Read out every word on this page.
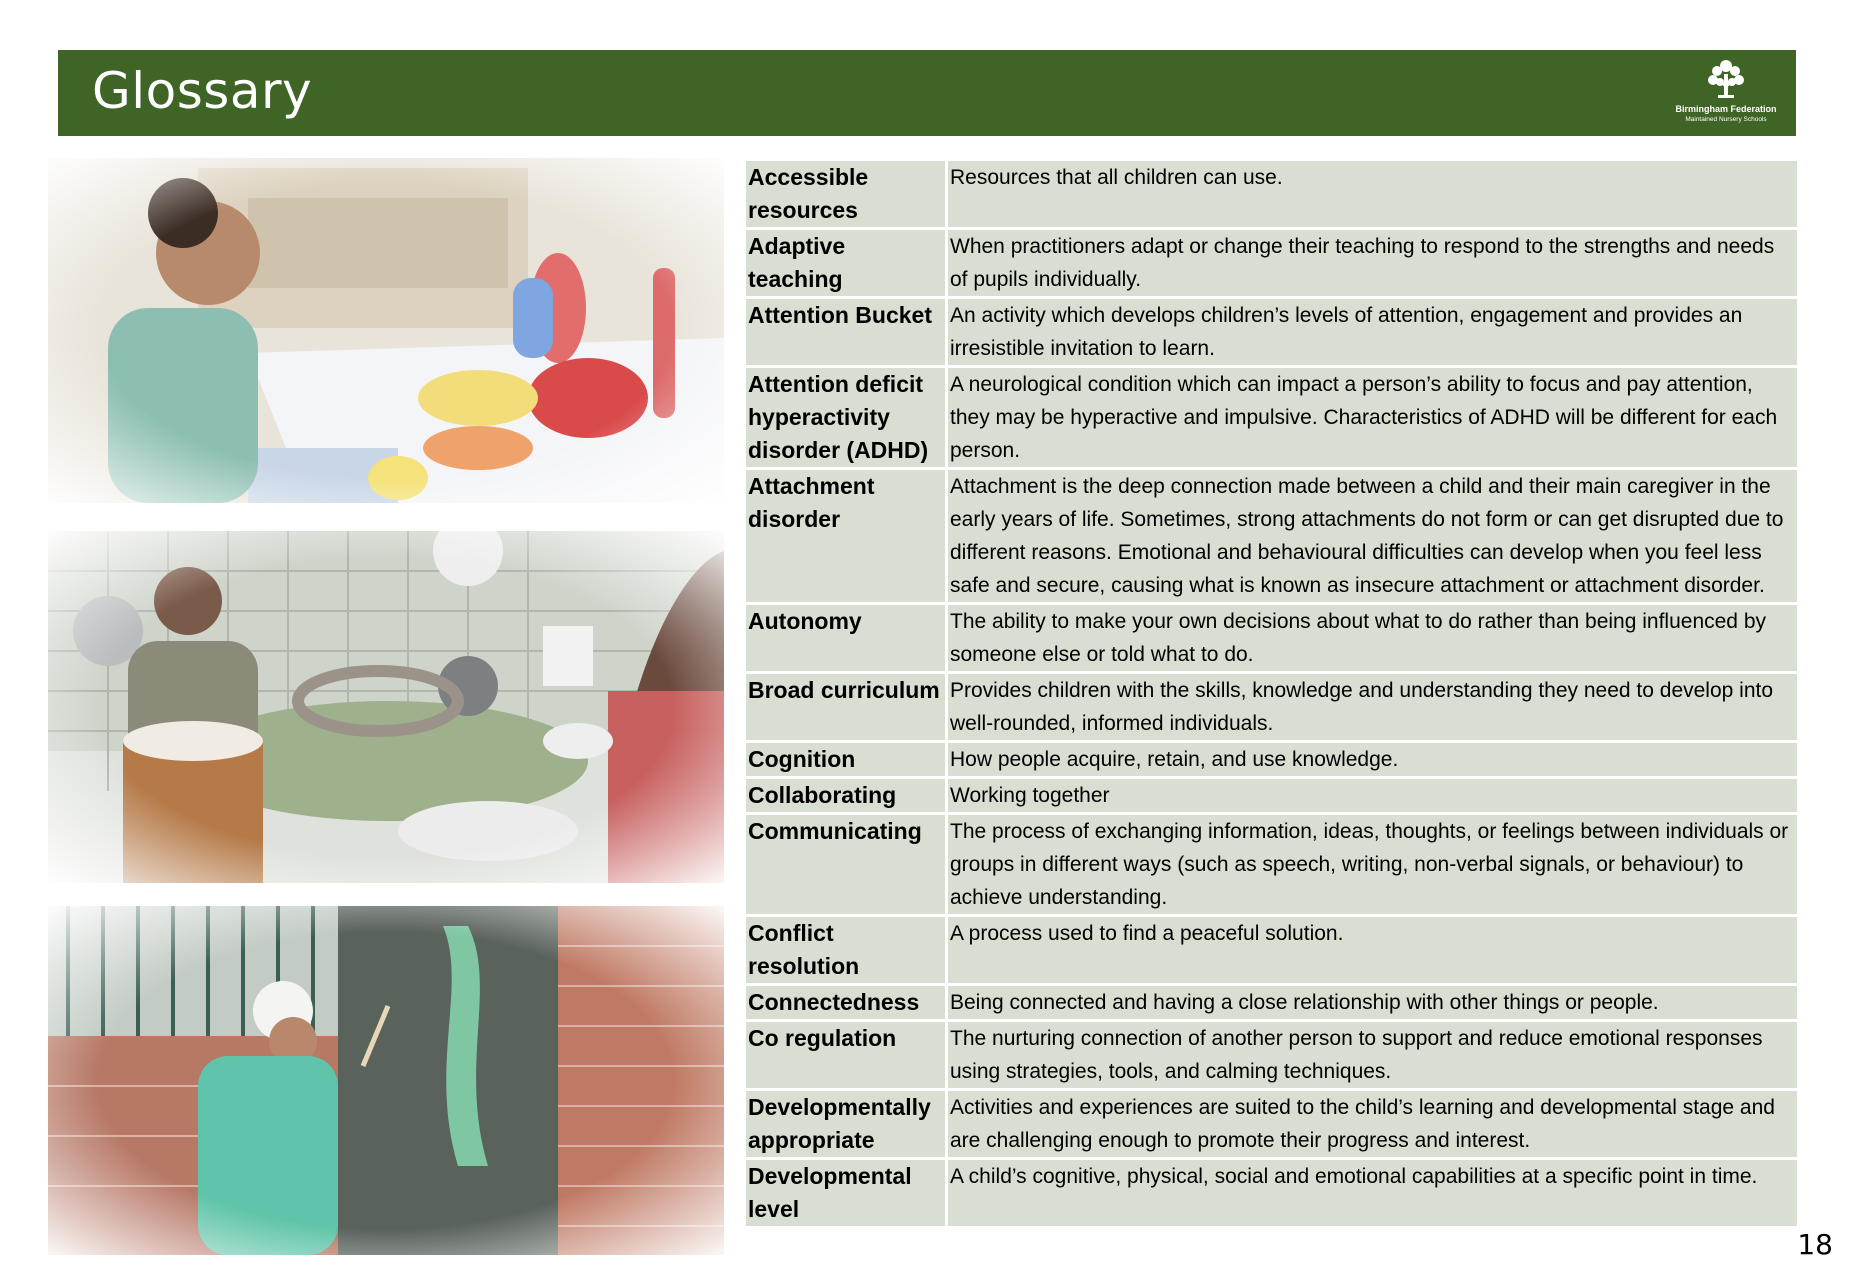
Glossary	Birmingham Federation
Maintained Nursery Schools
Accessible resources	Resources that all children can use.
Adaptive teaching	When practitioners adapt or change their teaching to respond to the strengths and needs of pupils individually.
Attention Bucket	An activity which develops children’s levels of attention, engagement and provides an irresistible invitation to learn.
Attention deficit hyperactivity disorder (ADHD)	A neurological condition which can impact a person’s ability to focus and pay attention, they may be hyperactive and impulsive. Characteristics of ADHD will be different for each person.
Attachment disorder	Attachment is the deep connection made between a child and their main caregiver in the early years of life. Sometimes, strong attachments do not form or can get disrupted due to different reasons. Emotional and behavioural difficulties can develop when you feel less safe and secure, causing what is known as insecure attachment or attachment disorder.
Autonomy	The ability to make your own decisions about what to do rather than being influenced by someone else or told what to do.
Broad curriculum	Provides children with the skills, knowledge and understanding they need to develop into well-rounded, informed individuals.
Cognition	How people acquire, retain, and use knowledge.
Collaborating	Working together
Communicating	The process of exchanging information, ideas, thoughts, or feelings between individuals or groups in different ways (such as speech, writing, non-verbal signals, or behaviour) to achieve understanding.
Conflict resolution	A process used to find a peaceful solution.
Connectedness	Being connected and having a close relationship with other things or people.
Co regulation	The nurturing connection of another person to support and reduce emotional responses using strategies, tools, and calming techniques.
Developmentally appropriate	Activities and experiences are suited to the child’s learning and developmental stage and are challenging enough to promote their progress and interest.
Developmental level	A child’s cognitive, physical, social and emotional capabilities at a specific point in time.
18
